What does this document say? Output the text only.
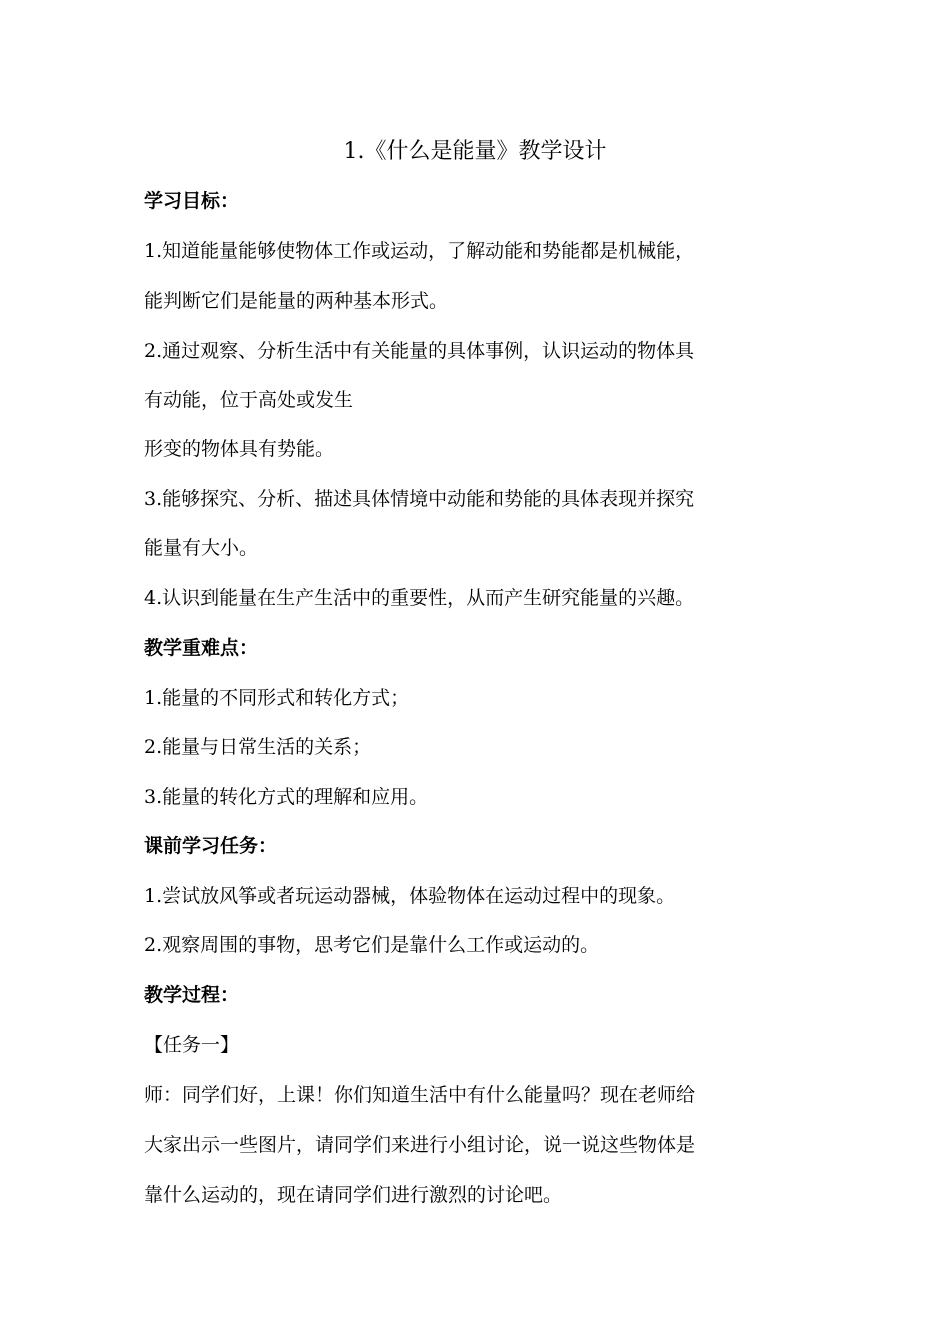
1.《什么是能量》教学设计
学习目标：
1.知道能量能够使物体工作或运动，了解动能和势能都是机械能，
能判断它们是能量的两种基本形式。
2.通过观察、分析生活中有关能量的具体事例，认识运动的物体具
有动能，位于高处或发生
形变的物体具有势能。
3.能够探究、分析、描述具体情境中动能和势能的具体表现并探究
能量有大小。
4.认识到能量在生产生活中的重要性，从而产生研究能量的兴趣。
教学重难点：
1.能量的不同形式和转化方式；
2.能量与日常生活的关系；
3.能量的转化方式的理解和应用。
课前学习任务：
1.尝试放风筝或者玩运动器械，体验物体在运动过程中的现象。
2.观察周围的事物，思考它们是靠什么工作或运动的。
教学过程：
【任务一】
师：同学们好，上课！你们知道生活中有什么能量吗？现在老师给
大家出示一些图片，请同学们来进行小组讨论，说一说这些物体是
靠什么运动的，现在请同学们进行激烈的讨论吧。
